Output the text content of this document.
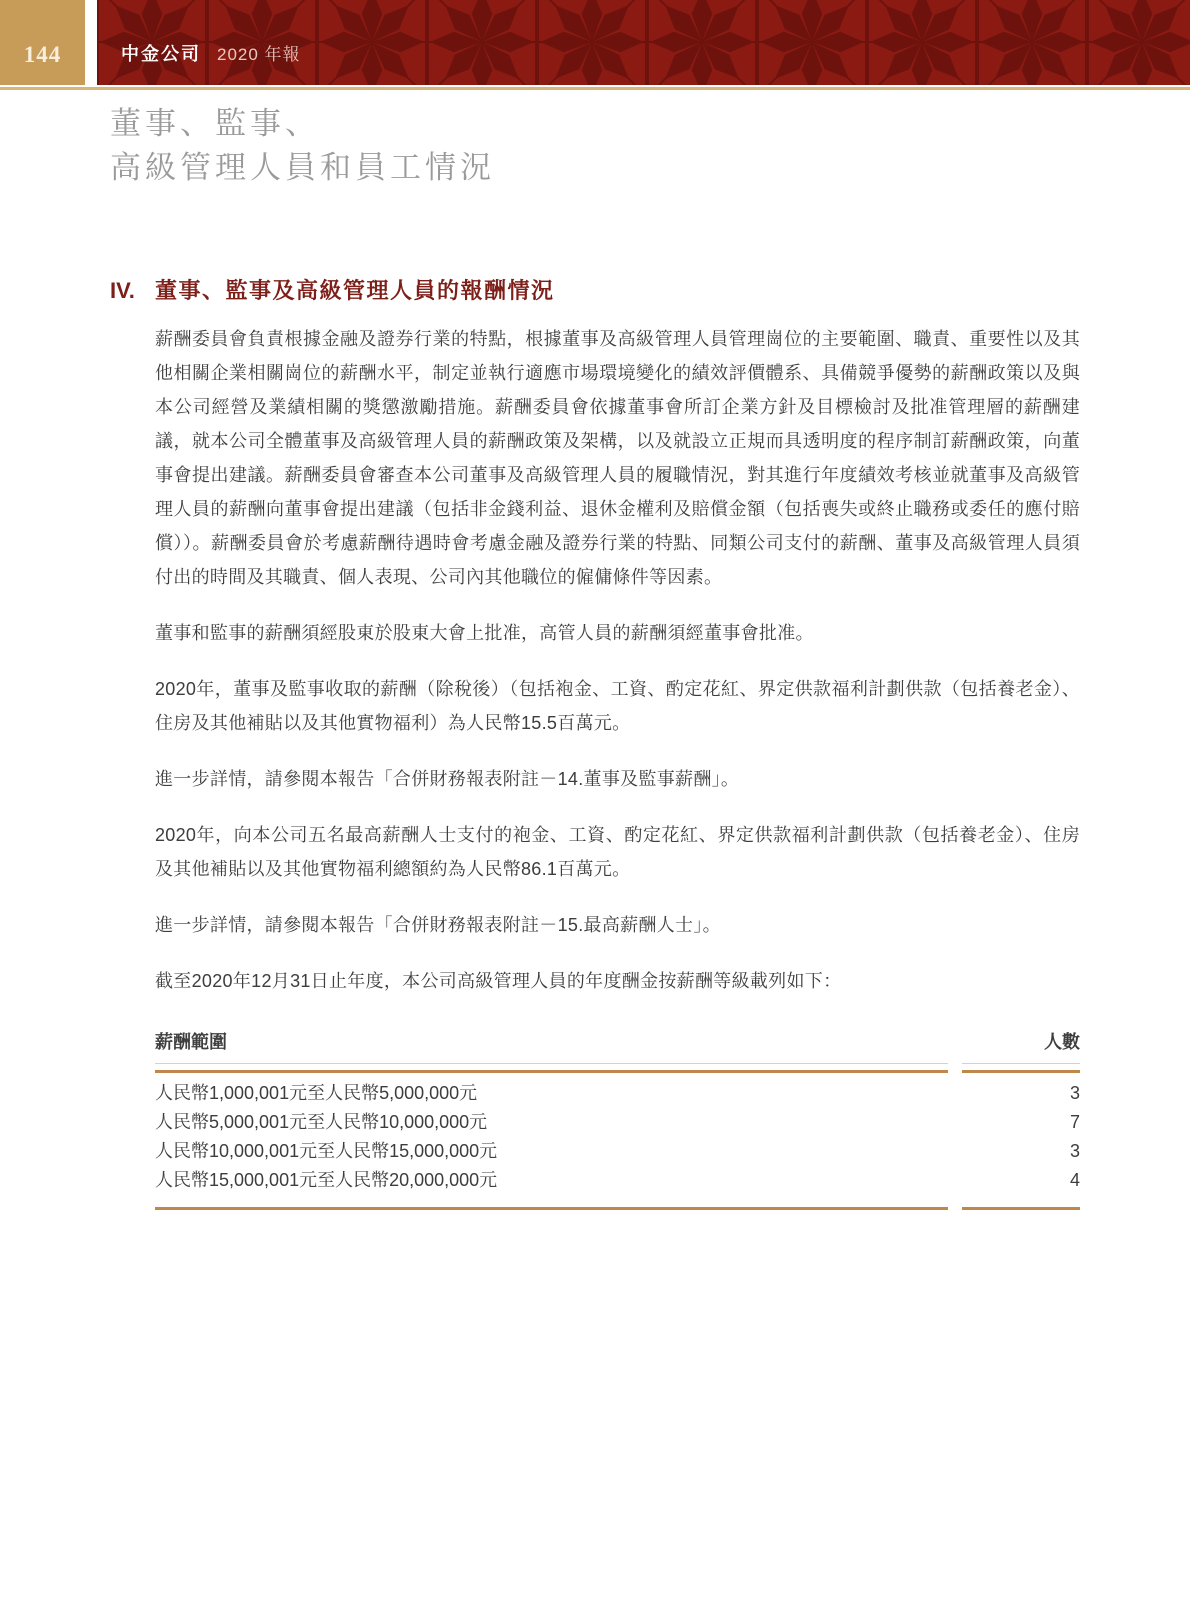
144	中金公司 2020 年報
董事、監事、
高級管理人員和員工情況
IV. 董事、監事及高級管理人員的報酬情況

薪酬委員會負責根據金融及證券行業的特點，根據董事及高級管理人員管理崗位的主要範圍、職責、重要性以及其他相關企業相關崗位的薪酬水平，制定並執行適應市場環境變化的績效評價體系、具備競爭優勢的薪酬政策以及與本公司經營及業績相關的獎懲激勵措施。薪酬委員會依據董事會所訂企業方針及目標檢討及批准管理層的薪酬建議，就本公司全體董事及高級管理人員的薪酬政策及架構，以及就設立正規而具透明度的程序制訂薪酬政策，向董事會提出建議。薪酬委員會審查本公司董事及高級管理人員的履職情況，對其進行年度績效考核並就董事及高級管理人員的薪酬向董事會提出建議（包括非金錢利益、退休金權利及賠償金額（包括喪失或終止職務或委任的應付賠償））。薪酬委員會於考慮薪酬待遇時會考慮金融及證券行業的特點、同類公司支付的薪酬、董事及高級管理人員須付出的時間及其職責、個人表現、公司內其他職位的僱傭條件等因素。

董事和監事的薪酬須經股東於股東大會上批准，高管人員的薪酬須經董事會批准。

2020年，董事及監事收取的薪酬（除稅後）（包括袍金、工資、酌定花紅、界定供款福利計劃供款（包括養老金）、住房及其他補貼以及其他實物福利）為人民幣15.5百萬元。

進一步詳情，請參閱本報告「合併財務報表附註－14.董事及監事薪酬」。

2020年，向本公司五名最高薪酬人士支付的袍金、工資、酌定花紅、界定供款福利計劃供款（包括養老金）、住房及其他補貼以及其他實物福利總額約為人民幣86.1百萬元。

進一步詳情，請參閱本報告「合併財務報表附註－15.最高薪酬人士」。

截至2020年12月31日止年度，本公司高級管理人員的年度酬金按薪酬等級載列如下：

薪酬範圍	人數
人民幣1,000,001元至人民幣5,000,000元	3
人民幣5,000,001元至人民幣10,000,000元	7
人民幣10,000,001元至人民幣15,000,000元	3
人民幣15,000,001元至人民幣20,000,000元	4
